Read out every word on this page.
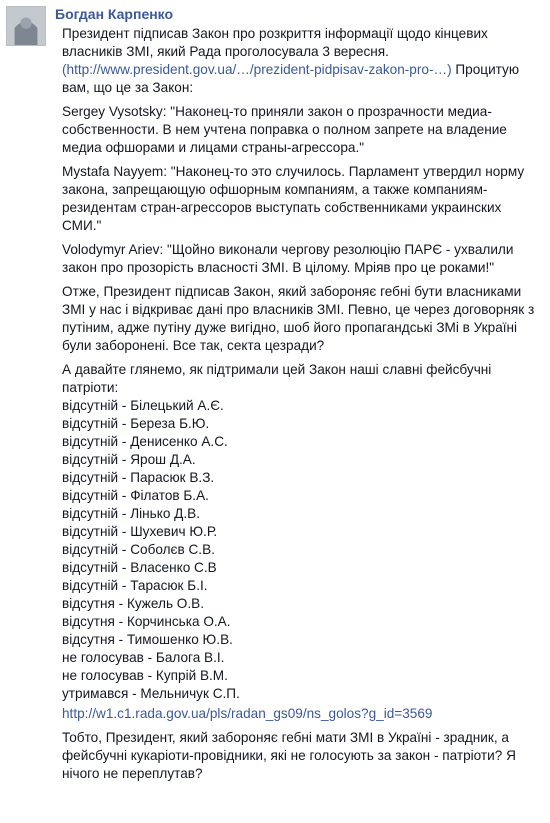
Богдан Карпенко

Президент підписав Закон про розкриття інформації щодо кінцевих власників ЗМІ, який Рада проголосувала 3 вересня. (http://www.president.gov.ua/…/prezident-pidpisav-zakon-pro-…) Процитую вам, що це за Закон:

Sergey Vysotsky: "Наконец-то приняли закон о прозрачности медиа-собственности. В нем учтена поправка о полном запрете на владение медиа офшорами и лицами страны-агрессора."

Mystafa Nayyem: "Наконец-то это случилось. Парламент утвердил норму закона, запрещающую офшорным компаниям, а также компаниям-резидентам стран-агрессоров выступать собственниками украинских СМИ."

Volodymyr Ariev: "Щойно виконали чергову резолюцію ПАРЄ - ухвалили закон про прозорість власності ЗМІ. В цілому. Мріяв про це роками!"

Отже, Президент підписав Закон, який забороняє гебні бути власниками ЗМІ у нас і відкриває дані про власників ЗМІ. Певно, це через договорняк з путіним, адже путіну дуже вигідно, шоб його пропагандські ЗМі в Україні були заборонені. Все так, секта цезради?

А давайте глянемо, як підтримали цей Закон наші славні фейсбучні патріоти:

відсутній - Білецький А.Є.
відсутній - Береза Б.Ю.
відсутній - Денисенко А.С.
відсутній - Ярош Д.А.
відсутній - Парасюк В.З.
відсутній - Філатов Б.А.
відсутній - Лінько Д.В.
відсутній - Шухевич Ю.Р.
відсутній - Соболєв С.В.
відсутній - Власенко С.В
відсутній - Тарасюк Б.І.
відсутня - Кужель О.В.
відсутня - Корчинська О.А.
відсутня - Тимошенко Ю.В.
не голосував - Балога В.І.
не голосував - Купрій В.М.
утримався - Мельничук С.П.

http://w1.c1.rada.gov.ua/pls/radan_gs09/ns_golos?g_id=3569

Тобто, Президент, який забороняє гебні мати ЗМІ в Україні - зрадник, а фейсбучні кукаріоти-провідники, які не голосують за закон - патріоти? Я нічого не переплутав?
